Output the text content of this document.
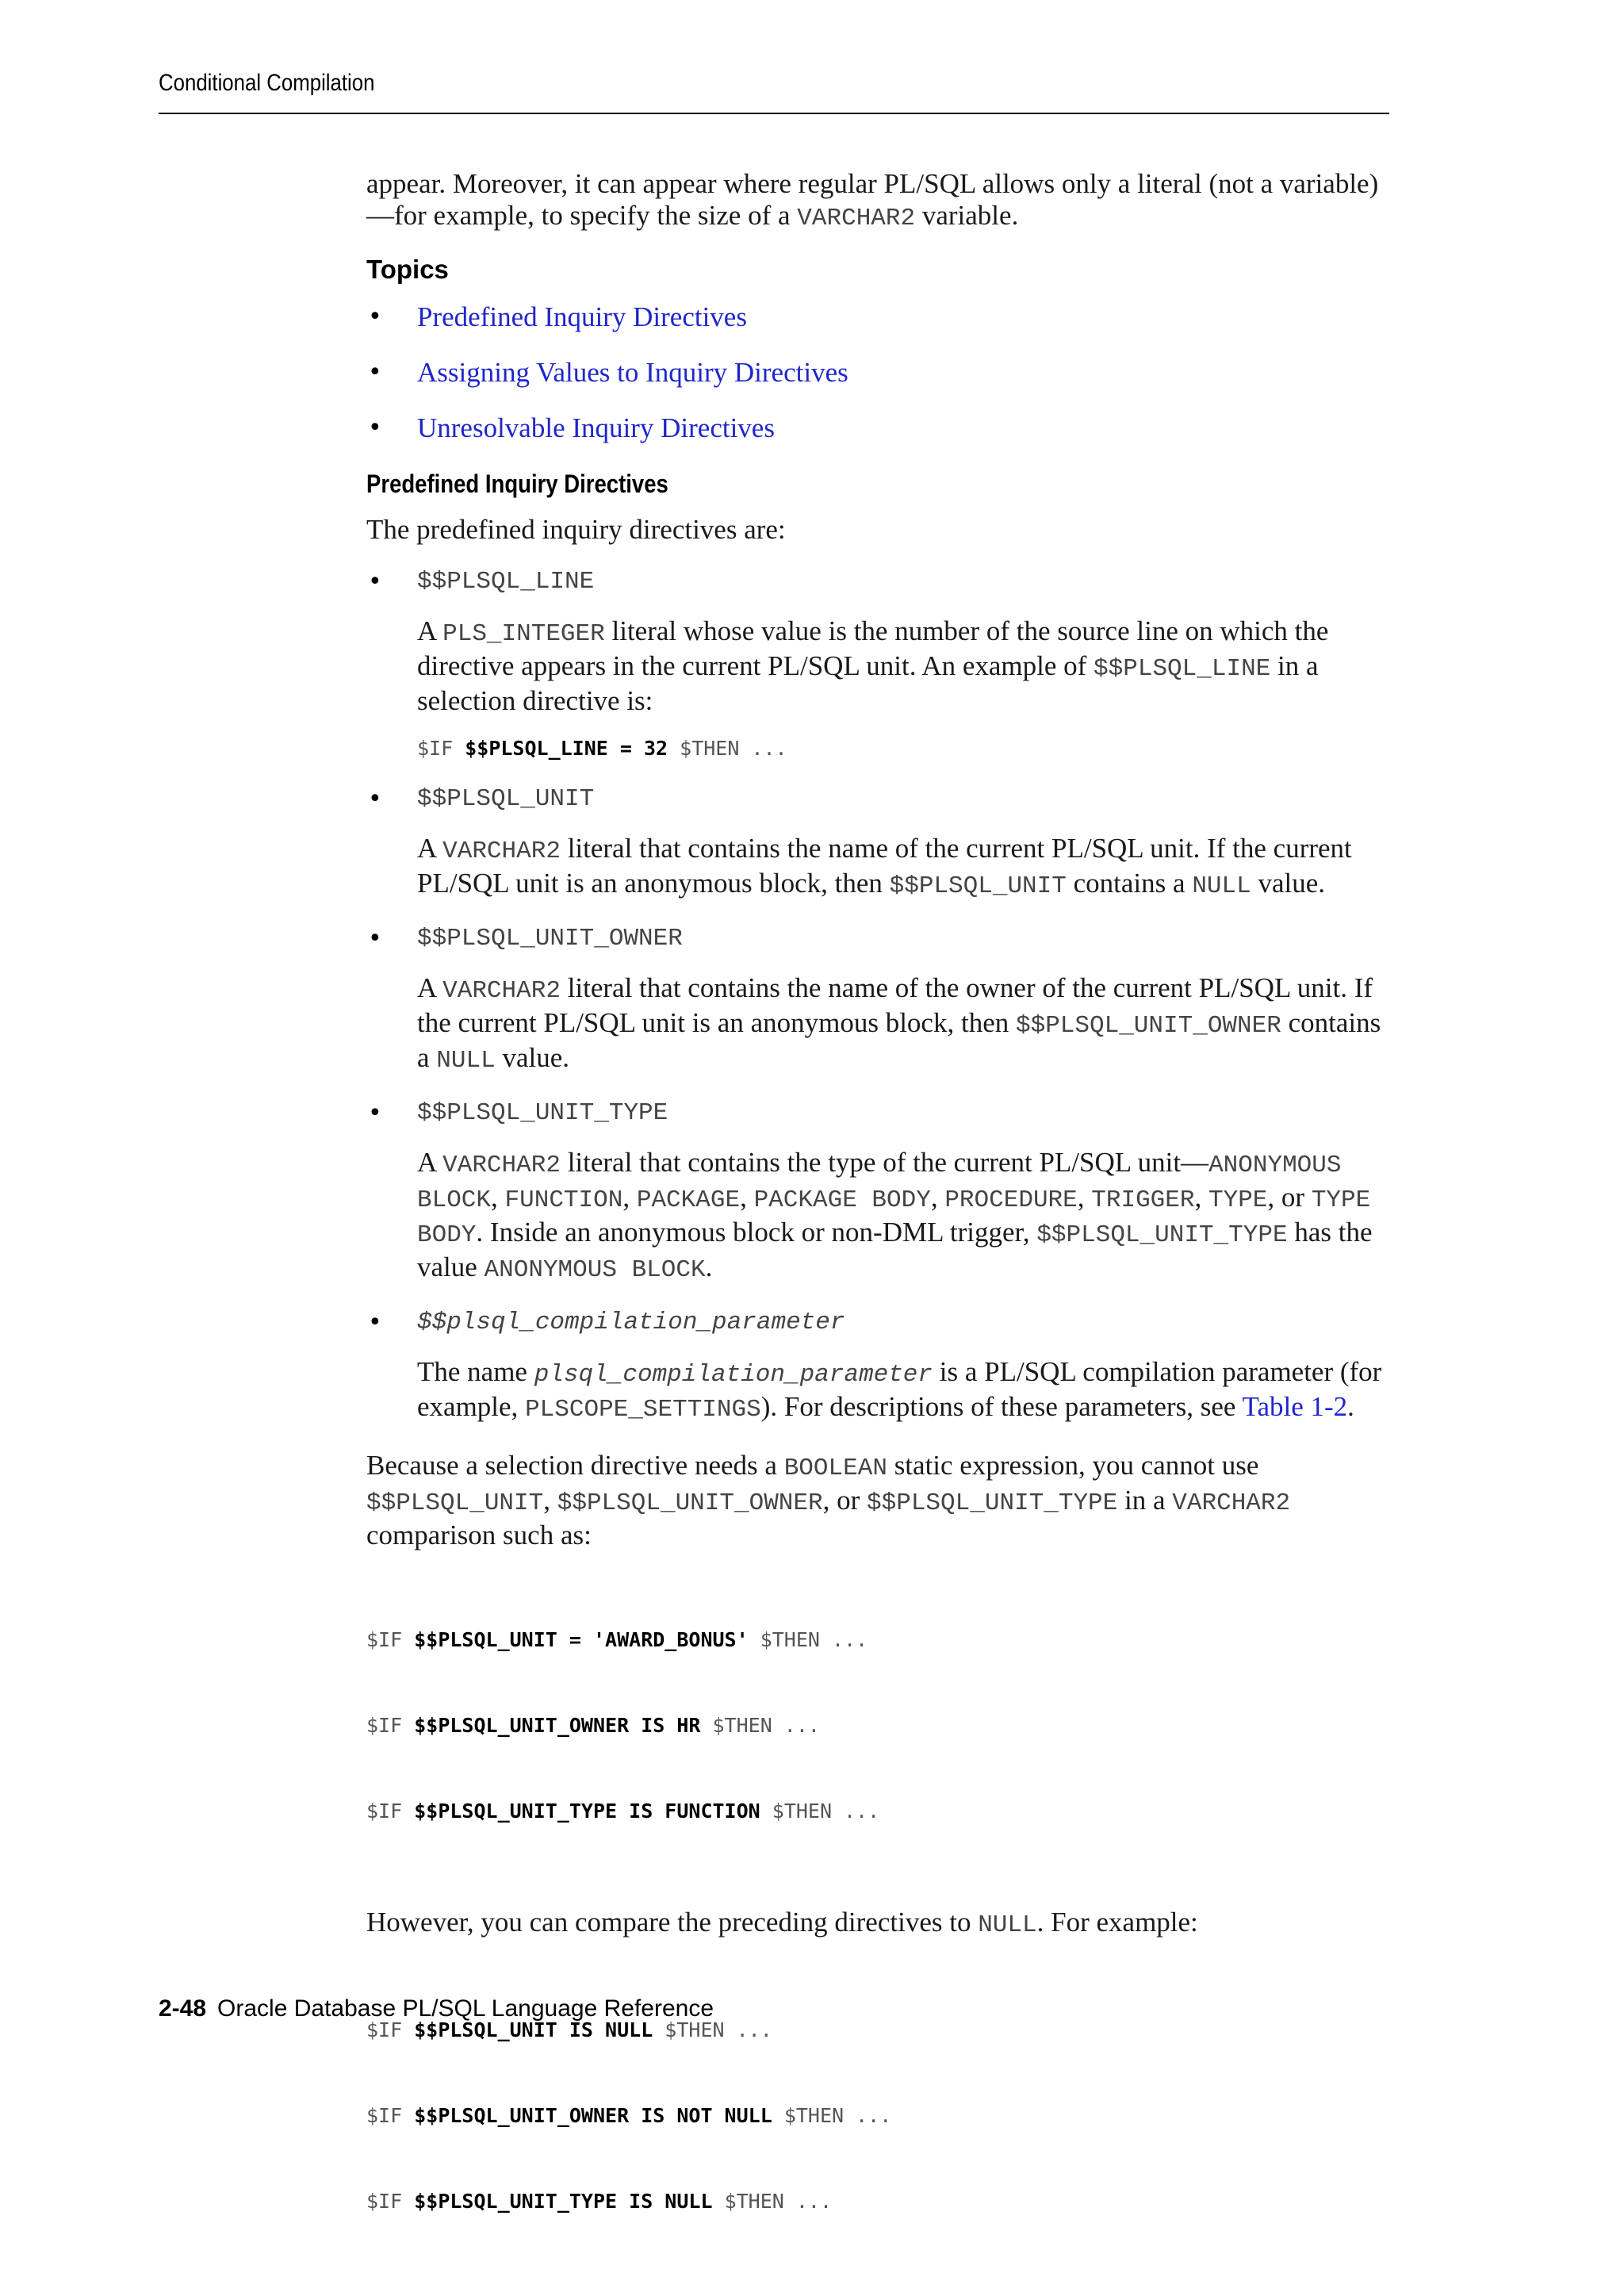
Conditional Compilation

appear. Moreover, it can appear where regular PL/SQL allows only a literal (not a variable)—for example, to specify the size of a VARCHAR2 variable.

Topics
• Predefined Inquiry Directives
• Assigning Values to Inquiry Directives
• Unresolvable Inquiry Directives
Predefined Inquiry Directives

The predefined inquiry directives are:

• $$PLSQL_LINE

A PLS_INTEGER literal whose value is the number of the source line on which the directive appears in the current PL/SQL unit. An example of $$PLSQL_LINE in a selection directive is:

$IF $$PLSQL_LINE = 32 $THEN ...
• $$PLSQL_UNIT

A VARCHAR2 literal that contains the name of the current PL/SQL unit. If the current PL/SQL unit is an anonymous block, then $$PLSQL_UNIT contains a NULL value.

• $$PLSQL_UNIT_OWNER

A VARCHAR2 literal that contains the name of the owner of the current PL/SQL unit. If the current PL/SQL unit is an anonymous block, then $$PLSQL_UNIT_OWNER contains a NULL value.

• $$PLSQL_UNIT_TYPE

A VARCHAR2 literal that contains the type of the current PL/SQL unit—ANONYMOUS BLOCK, FUNCTION, PACKAGE, PACKAGE BODY, PROCEDURE, TRIGGER, TYPE, or TYPE BODY. Inside an anonymous block or non-DML trigger, $$PLSQL_UNIT_TYPE has the value ANONYMOUS BLOCK.

• $$plsql_compilation_parameter

The name plsql_compilation_parameter is a PL/SQL compilation parameter (for example, PLSCOPE_SETTINGS). For descriptions of these parameters, see Table 1-2.

Because a selection directive needs a BOOLEAN static expression, you cannot use $$PLSQL_UNIT, $$PLSQL_UNIT_OWNER, or $$PLSQL_UNIT_TYPE in a VARCHAR2 comparison such as:

$IF $$PLSQL_UNIT = 'AWARD_BONUS' $THEN ...

$IF $$PLSQL_UNIT_OWNER IS HR $THEN ...

$IF $$PLSQL_UNIT_TYPE IS FUNCTION $THEN ...

However, you can compare the preceding directives to NULL. For example:

$IF $$PLSQL_UNIT IS NULL $THEN ...

$IF $$PLSQL_UNIT_OWNER IS NOT NULL $THEN ...

$IF $$PLSQL_UNIT_TYPE IS NULL $THEN ...

2-48 Oracle Database PL/SQL Language Reference
